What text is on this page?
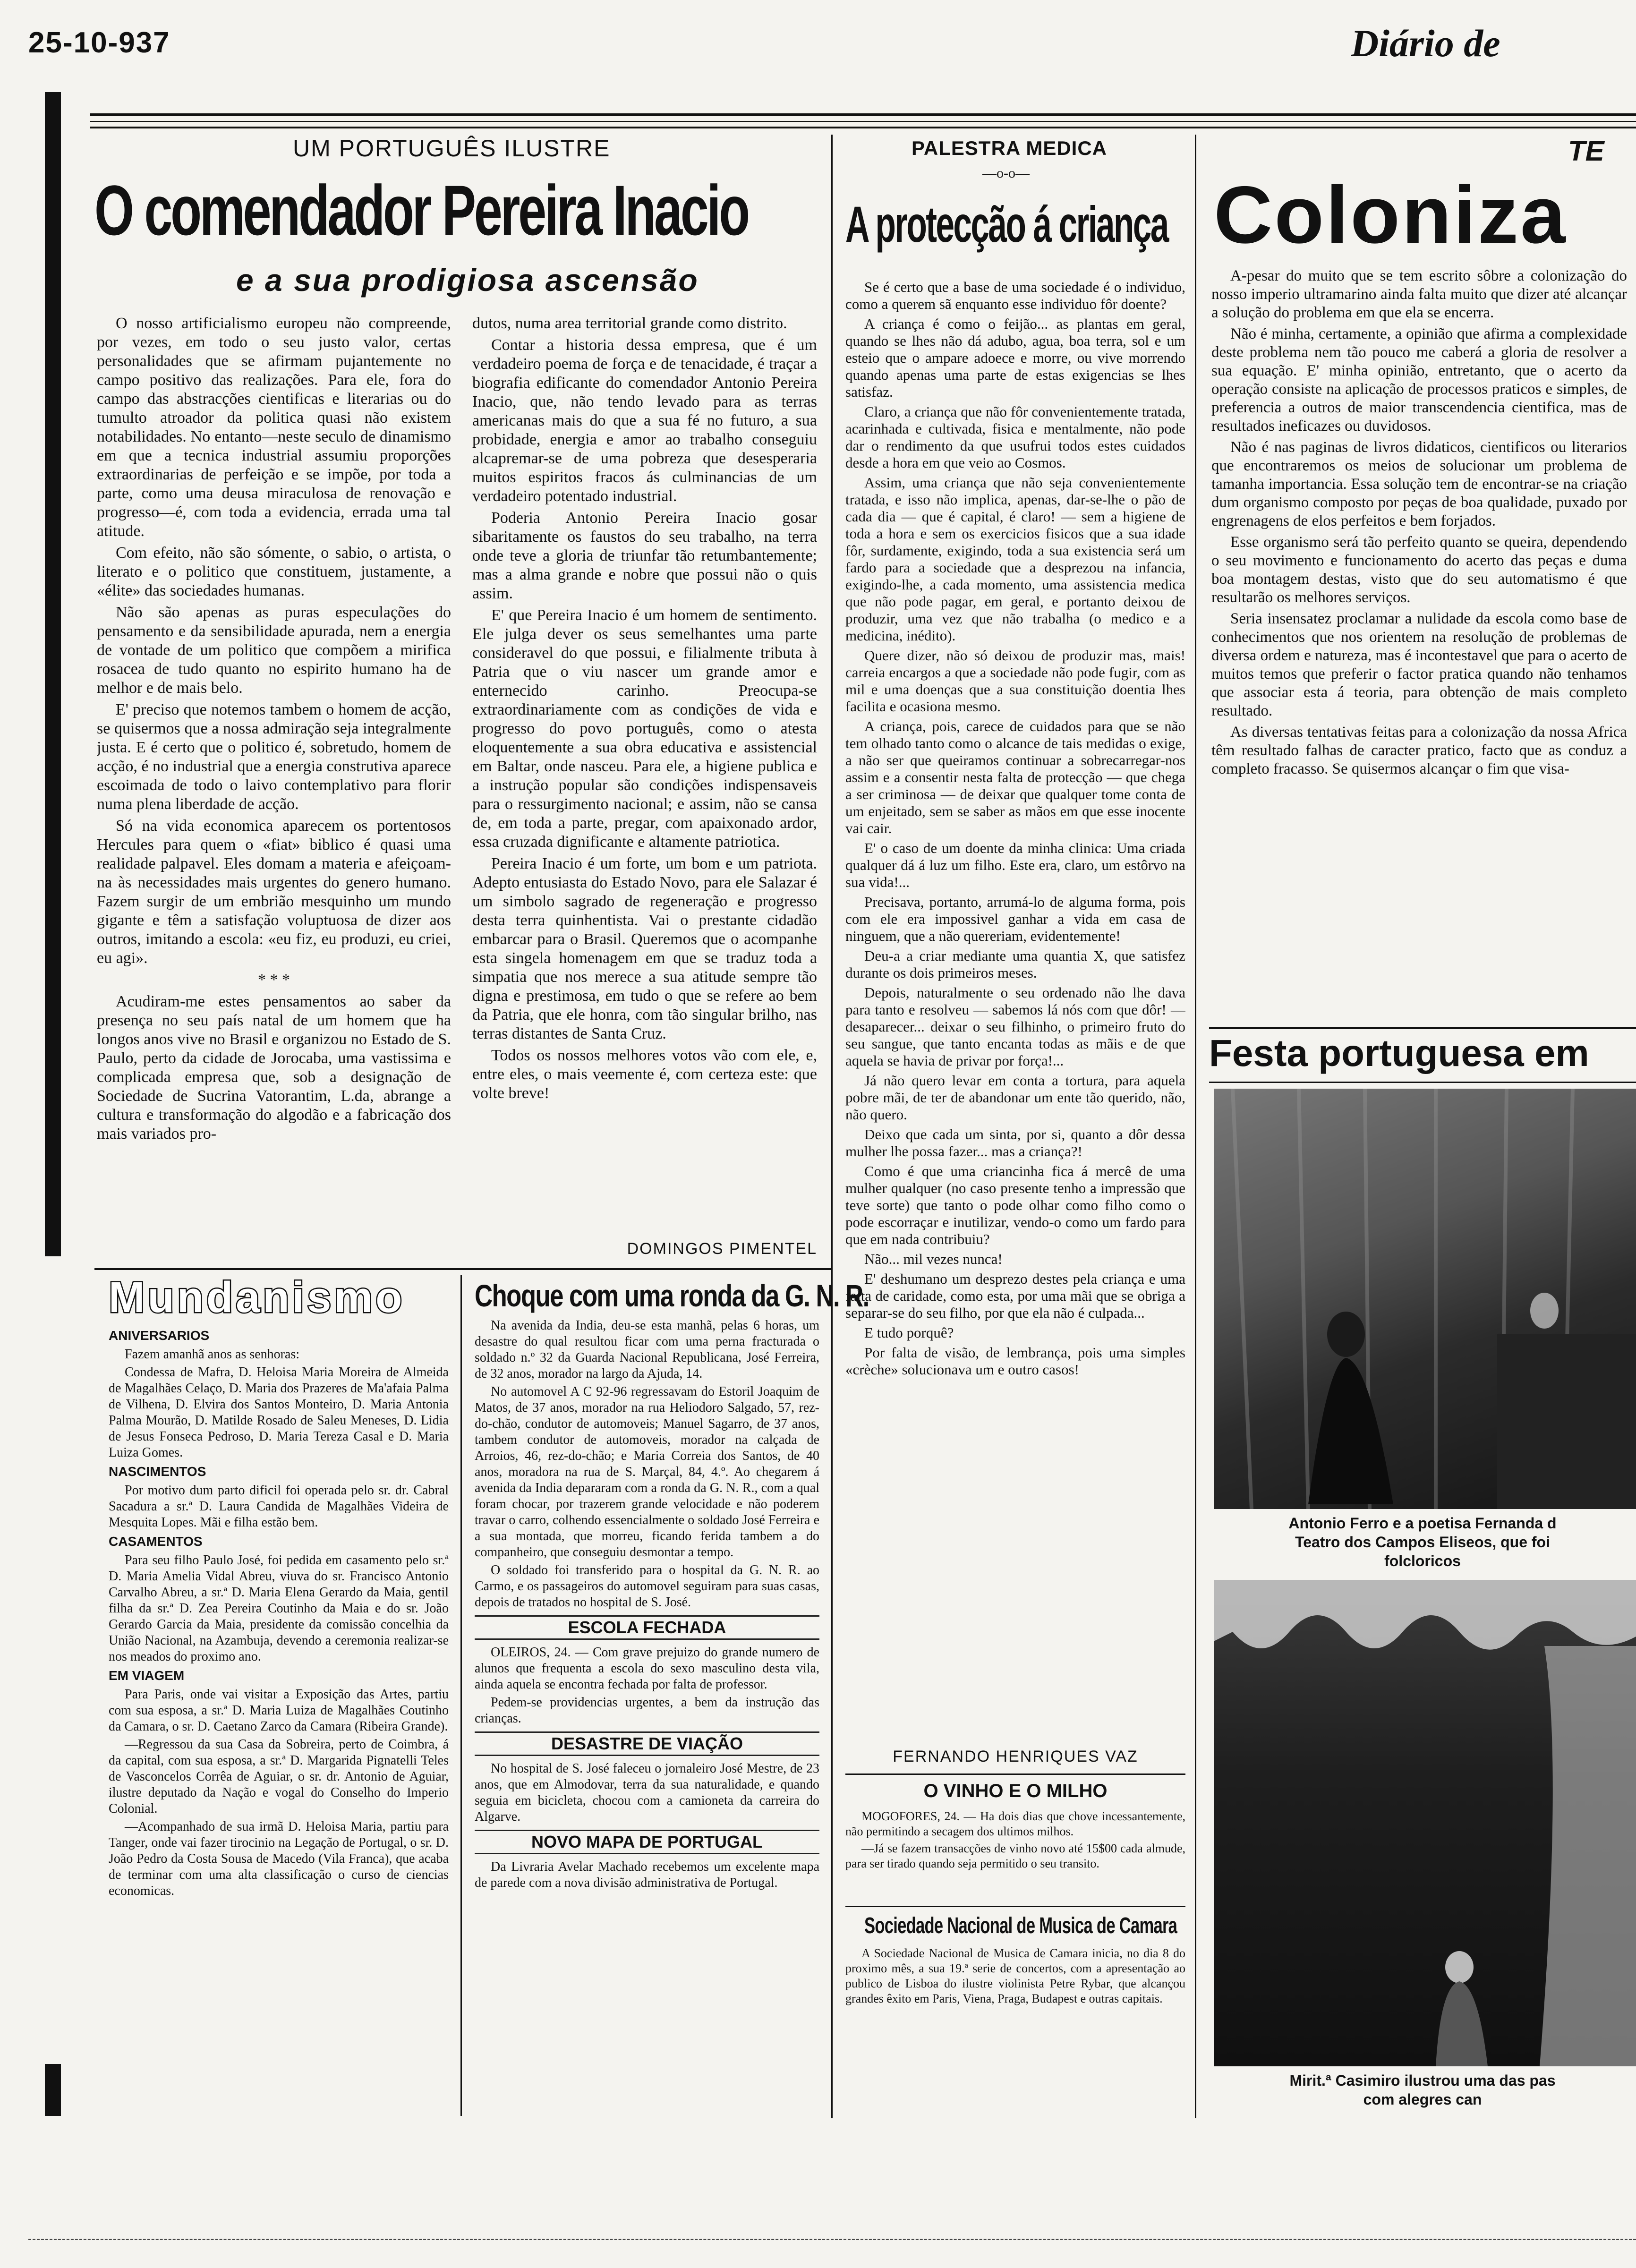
25-10-937	Diário de
UM PORTUGUÊS ILUSTRE
O comendador Pereira Inacio
e a sua prodigiosa ascensão

O nosso artificialismo europeu não compreende, por vezes, em todo o seu justo valor, certas personalidades que se afirmam pujantemente no campo positivo das realizações. Para ele, fora do campo das abstracções cientificas e literarias ou do tumulto atroador da politica quasi não existem notabilidades. No entanto—neste seculo de dinamismo em que a tecnica industrial assumiu proporções extraordinarias de perfeição e se impõe, por toda a parte, como uma deusa miraculosa de renovação e progresso—é, com toda a evidencia, errada uma tal atitude.

Com efeito, não são sómente, o sabio, o artista, o literato e o politico que constituem, justamente, a «élite» das sociedades humanas.

Não são apenas as puras especulações do pensamento e da sensibilidade apurada, nem a energia de vontade de um politico que compõem a mirifica rosacea de tudo quanto no espirito humano ha de melhor e de mais belo.

E' preciso que notemos tambem o homem de acção, se quisermos que a nossa admiração seja integralmente justa. E é certo que o politico é, sobretudo, homem de acção, é no industrial que a energia construtiva aparece escoimada de todo o laivo contemplativo para florir numa plena liberdade de acção.

Só na vida economica aparecem os portentosos Hercules para quem o «fiat» biblico é quasi uma realidade palpavel. Eles domam a materia e afeiçoam-na às necessidades mais urgentes do genero humano. Fazem surgir de um embrião mesquinho um mundo gigante e têm a satisfação voluptuosa de dizer aos outros, imitando a escola: «eu fiz, eu produzi, eu criei, eu agi».

* * *

Acudiram-me estes pensamentos ao saber da presença no seu país natal de um homem que ha longos anos vive no Brasil e organizou no Estado de S. Paulo, perto da cidade de Jorocaba, uma vastissima e complicada empresa que, sob a designação de Sociedade de Sucrina Vatorantim, L.da, abrange a cultura e transformação do algodão e a fabricação dos mais variados pro-

dutos, numa area territorial grande como distrito.

Contar a historia dessa empresa, que é um verdadeiro poema de força e de tenacidade, é traçar a biografia edificante do comendador Antonio Pereira Inacio, que, não tendo levado para as terras americanas mais do que a sua fé no futuro, a sua probidade, energia e amor ao trabalho conseguiu alcapremar-se de uma pobreza que desesperaria muitos espiritos fracos ás culminancias de um verdadeiro potentado industrial.

Poderia Antonio Pereira Inacio gosar sibaritamente os faustos do seu trabalho, na terra onde teve a gloria de triunfar tão retumbantemente; mas a alma grande e nobre que possui não o quis assim.

E' que Pereira Inacio é um homem de sentimento. Ele julga dever os seus semelhantes uma parte consideravel do que possui, e filialmente tributa à Patria que o viu nascer um grande amor e enternecido carinho. Preocupa-se extraordinariamente com as condições de vida e progresso do povo português, como o atesta eloquentemente a sua obra educativa e assistencial em Baltar, onde nasceu. Para ele, a higiene publica e a instrução popular são condições indispensaveis para o ressurgimento nacional; e assim, não se cansa de, em toda a parte, pregar, com apaixonado ardor, essa cruzada dignificante e altamente patriotica.

Pereira Inacio é um forte, um bom e um patriota. Adepto entusiasta do Estado Novo, para ele Salazar é um simbolo sagrado de regeneração e progresso desta terra quinhentista. Vai o prestante cidadão embarcar para o Brasil. Queremos que o acompanhe esta singela homenagem em que se traduz toda a simpatia que nos merece a sua atitude sempre tão digna e prestimosa, em tudo o que se refere ao bem da Patria, que ele honra, com tão singular brilho, nas terras distantes de Santa Cruz.

Todos os nossos melhores votos vão com ele, e, entre eles, o mais veemente é, com certeza este: que volte breve!

DOMINGOS PIMENTEL
Mundanismo
ANIVERSARIOS

Fazem amanhã anos as senhoras:

Condessa de Mafra, D. Heloisa Maria Moreira de Almeida de Magalhães Celaço, D. Maria dos Prazeres de Ma'afaia Palma de Vilhena, D. Elvira dos Santos Monteiro, D. Maria Antonia Palma Mourão, D. Matilde Rosado de Saleu Meneses, D. Lidia de Jesus Fonseca Pedroso, D. Maria Tereza Casal e D. Maria Luiza Gomes.

NASCIMENTOS

Por motivo dum parto dificil foi operada pelo sr. dr. Cabral Sacadura a sr.ª D. Laura Candida de Magalhães Videira de Mesquita Lopes. Mãi e filha estão bem.

CASAMENTOS

Para seu filho Paulo José, foi pedida em casamento pelo sr.ª D. Maria Amelia Vidal Abreu, viuva do sr. Francisco Antonio Carvalho Abreu, a sr.ª D. Maria Elena Gerardo da Maia, gentil filha da sr.ª D. Zea Pereira Coutinho da Maia e do sr. João Gerardo Garcia da Maia, presidente da comissão concelhia da União Nacional, na Azambuja, devendo a ceremonia realizar-se nos meados do proximo ano.

EM VIAGEM

Para Paris, onde vai visitar a Exposição das Artes, partiu com sua esposa, a sr.ª D. Maria Luiza de Magalhães Coutinho da Camara, o sr. D. Caetano Zarco da Camara (Ribeira Grande).

—Regressou da sua Casa da Sobreira, perto de Coimbra, á da capital, com sua esposa, a sr.ª D. Margarida Pignatelli Teles de Vasconcelos Corrêa de Aguiar, o sr. dr. Antonio de Aguiar, ilustre deputado da Nação e vogal do Conselho do Imperio Colonial.

—Acompanhado de sua irmã D. Heloisa Maria, partiu para Tanger, onde vai fazer tirocinio na Legação de Portugal, o sr. D. João Pedro da Costa Sousa de Macedo (Vila Franca), que acaba de terminar com uma alta classificação o curso de ciencias economicas.

Choque com uma ronda da G. N. R.

Na avenida da India, deu-se esta manhã, pelas 6 horas, um desastre do qual resultou ficar com uma perna fracturada o soldado n.º 32 da Guarda Nacional Republicana, José Ferreira, de 32 anos, morador na largo da Ajuda, 14.

No automovel A C 92-96 regressavam do Estoril Joaquim de Matos, de 37 anos, morador na rua Heliodoro Salgado, 57, rez-do-chão, condutor de automoveis; Manuel Sagarro, de 37 anos, tambem condutor de automoveis, morador na calçada de Arroios, 46, rez-do-chão; e Maria Correia dos Santos, de 40 anos, moradora na rua de S. Marçal, 84, 4.º. Ao chegarem á avenida da India depararam com a ronda da G. N. R., com a qual foram chocar, por trazerem grande velocidade e não poderem travar o carro, colhendo essencialmente o soldado José Ferreira e a sua montada, que morreu, ficando ferida tambem a do companheiro, que conseguiu desmontar a tempo.

O soldado foi transferido para o hospital da G. N. R. ao Carmo, e os passageiros do automovel seguiram para suas casas, depois de tratados no hospital de S. José.

ESCOLA FECHADA

OLEIROS, 24. — Com grave prejuizo do grande numero de alunos que frequenta a escola do sexo masculino desta vila, ainda aquela se encontra fechada por falta de professor.

Pedem-se providencias urgentes, a bem da instrução das crianças.

DESASTRE DE VIAÇÃO

No hospital de S. José faleceu o jornaleiro José Mestre, de 23 anos, que em Almodovar, terra da sua naturalidade, e quando seguia em bicicleta, chocou com a camioneta da carreira do Algarve.

NOVO MAPA DE PORTUGAL

Da Livraria Avelar Machado recebemos um excelente mapa de parede com a nova divisão administrativa de Portugal.

PALESTRA MEDICA
—o-o—
A protecção á criança

Se é certo que a base de uma sociedade é o individuo, como a querem sã enquanto esse individuo fôr doente?

A criança é como o feijão... as plantas em geral, quando se lhes não dá adubo, agua, boa terra, sol e um esteio que o ampare adoece e morre, ou vive morrendo quando apenas uma parte de estas exigencias se lhes satisfaz.

Claro, a criança que não fôr convenientemente tratada, acarinhada e cultivada, fisica e mentalmente, não pode dar o rendimento da que usufrui todos estes cuidados desde a hora em que veio ao Cosmos.

Assim, uma criança que não seja convenientemente tratada, e isso não implica, apenas, dar-se-lhe o pão de cada dia — que é capital, é claro! — sem a higiene de toda a hora e sem os exercicios fisicos que a sua idade fôr, surdamente, exigindo, toda a sua existencia será um fardo para a sociedade que a desprezou na infancia, exigindo-lhe, a cada momento, uma assistencia medica que não pode pagar, em geral, e portanto deixou de produzir, uma vez que não trabalha (o medico e a medicina, inédito).

Quere dizer, não só deixou de produzir mas, mais! carreia encargos a que a sociedade não pode fugir, com as mil e uma doenças que a sua constituição doentia lhes facilita e ocasiona mesmo.

A criança, pois, carece de cuidados para que se não tem olhado tanto como o alcance de tais medidas o exige, a não ser que queiramos continuar a sobrecarregar-nos assim e a consentir nesta falta de protecção — que chega a ser criminosa — de deixar que qualquer tome conta de um enjeitado, sem se saber as mãos em que esse inocente vai cair.

E' o caso de um doente da minha clinica: Uma criada qualquer dá á luz um filho. Este era, claro, um estôrvo na sua vida!...

Precisava, portanto, arrumá-lo de alguma forma, pois com ele era impossivel ganhar a vida em casa de ninguem, que a não quereriam, evidentemente!

Deu-a a criar mediante uma quantia X, que satisfez durante os dois primeiros meses.

Depois, naturalmente o seu ordenado não lhe dava para tanto e resolveu — sabemos lá nós com que dôr! — desaparecer... deixar o seu filhinho, o primeiro fruto do seu sangue, que tanto encanta todas as mãis e de que aquela se havia de privar por força!...

Já não quero levar em conta a tortura, para aquela pobre mãi, de ter de abandonar um ente tão querido, não, não quero.

Deixo que cada um sinta, por si, quanto a dôr dessa mulher lhe possa fazer... mas a criança?!

Como é que uma criancinha fica á mercê de uma mulher qualquer (no caso presente tenho a impressão que teve sorte) que tanto o pode olhar como filho como o pode escorraçar e inutilizar, vendo-o como um fardo para que em nada contribuiu?

Não... mil vezes nunca!

E' deshumano um desprezo destes pela criança e uma falta de caridade, como esta, por uma mãi que se obriga a separar-se do seu filho, por que ela não é culpada...

E tudo porquê?

Por falta de visão, de lembrança, pois uma simples «crèche» solucionava um e outro casos!

FERNANDO HENRIQUES VAZ
O VINHO E O MILHO

MOGOFORES, 24. — Ha dois dias que chove incessantemente, não permitindo a secagem dos ultimos milhos.

—Já se fazem transacções de vinho novo até 15$00 cada almude, para ser tirado quando seja permitido o seu transito.

Sociedade Nacional de Musica de Camara

A Sociedade Nacional de Musica de Camara inicia, no dia 8 do proximo mês, a sua 19.ª serie de concertos, com a apresentação ao publico de Lisboa do ilustre violinista Petre Rybar, que alcançou grandes êxito em Paris, Viena, Praga, Budapest e outras capitais.

TE
Coloniza

A-pesar do muito que se tem escrito sôbre a colonização do nosso imperio ultramarino ainda falta muito que dizer até alcançar a solução do problema em que ela se encerra.

Não é minha, certamente, a opinião que afirma a complexidade deste problema nem tão pouco me caberá a gloria de resolver a sua equação. E' minha opinião, entretanto, que o acerto da operação consiste na aplicação de processos praticos e simples, de preferencia a outros de maior transcendencia cientifica, mas de resultados ineficazes ou duvidosos.

Não é nas paginas de livros didaticos, cientificos ou literarios que encontraremos os meios de solucionar um problema de tamanha importancia. Essa solução tem de encontrar-se na criação dum organismo composto por peças de boa qualidade, puxado por engrenagens de elos perfeitos e bem forjados.

Esse organismo será tão perfeito quanto se queira, dependendo o seu movimento e funcionamento do acerto das peças e duma boa montagem destas, visto que do seu automatismo é que resultarão os melhores serviços.

Seria insensatez proclamar a nulidade da escola como base de conhecimentos que nos orientem na resolução de problemas de diversa ordem e natureza, mas é incontestavel que para o acerto de muitos temos que preferir o factor pratica quando não tenhamos que associar esta á teoria, para obtenção de mais completo resultado.

As diversas tentativas feitas para a colonização da nossa Africa têm resultado falhas de caracter pratico, facto que as conduz a completo fracasso. Se quisermos alcançar o fim que visa-

Festa portuguesa em
Antonio Ferro e a poetisa Fernanda d
Teatro dos Campos Eliseos, que foi
folcloricos
Mirit.ª Casimiro ilustrou uma das pas
com alegres can
